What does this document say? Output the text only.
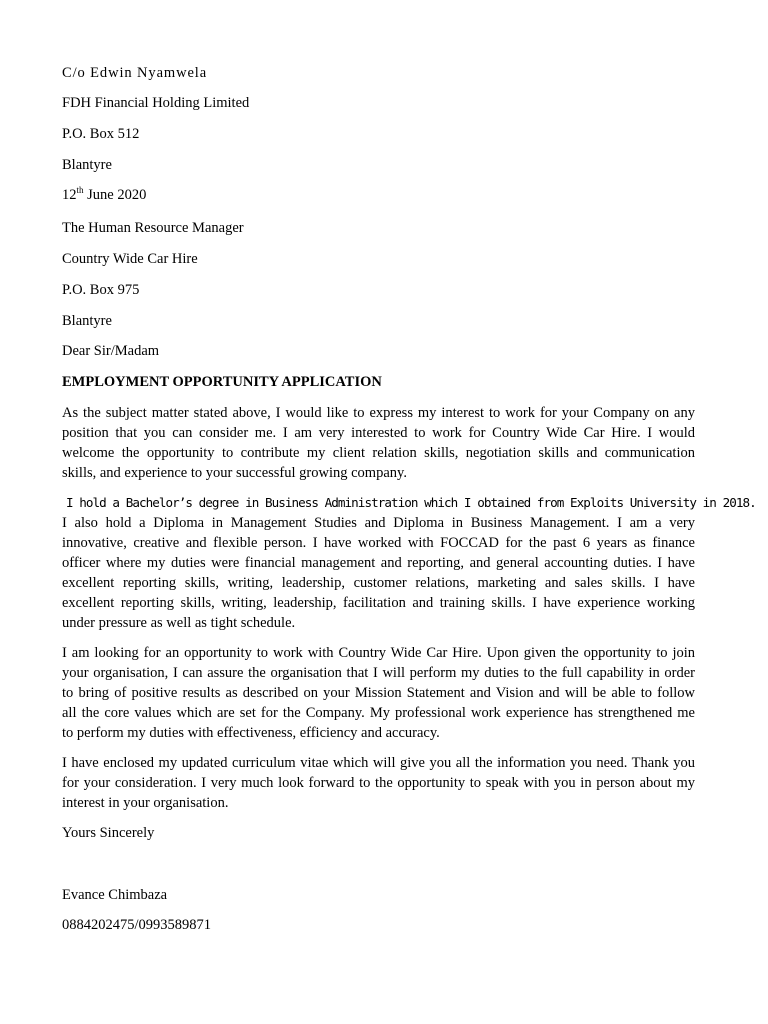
C/o Edwin Nyamwela
FDH Financial Holding Limited
P.O. Box 512
Blantyre
12th June 2020
The Human Resource Manager
Country Wide Car Hire
P.O. Box 975
Blantyre
Dear Sir/Madam
EMPLOYMENT OPPORTUNITY APPLICATION
As the subject matter stated above, I would like to express my interest to work for your Company on any
position that you can consider me. I am very interested to work for Country Wide Car Hire. I would
welcome the opportunity to contribute my client relation skills, negotiation skills and communication
skills, and experience to your successful growing company.
I hold a Bachelor’s degree in Business Administration which I obtained from Exploits University in 2018.
I also hold a Diploma in Management Studies and Diploma in Business Management. I am a very
innovative, creative and flexible person. I have worked with FOCCAD for the past 6 years as finance
officer where my duties were financial management and reporting, and general accounting duties. I have
excellent reporting skills, writing, leadership, customer relations, marketing and sales skills. I have
excellent reporting skills, writing, leadership, facilitation and training skills. I have experience working
under pressure as well as tight schedule.
I am looking for an opportunity to work with Country Wide Car Hire. Upon given the opportunity to join
your organisation, I can assure the organisation that I will perform my duties to the full capability in order
to bring of positive results as described on your Mission Statement and Vision and will be able to follow
all the core values which are set for the Company. My professional work experience has strengthened me
to perform my duties with effectiveness, efficiency and accuracy.
I have enclosed my updated curriculum vitae which will give you all the information you need. Thank you
for your consideration. I very much look forward to the opportunity to speak with you in person about my
interest in your organisation.
Yours Sincerely
Evance Chimbaza
0884202475/0993589871
